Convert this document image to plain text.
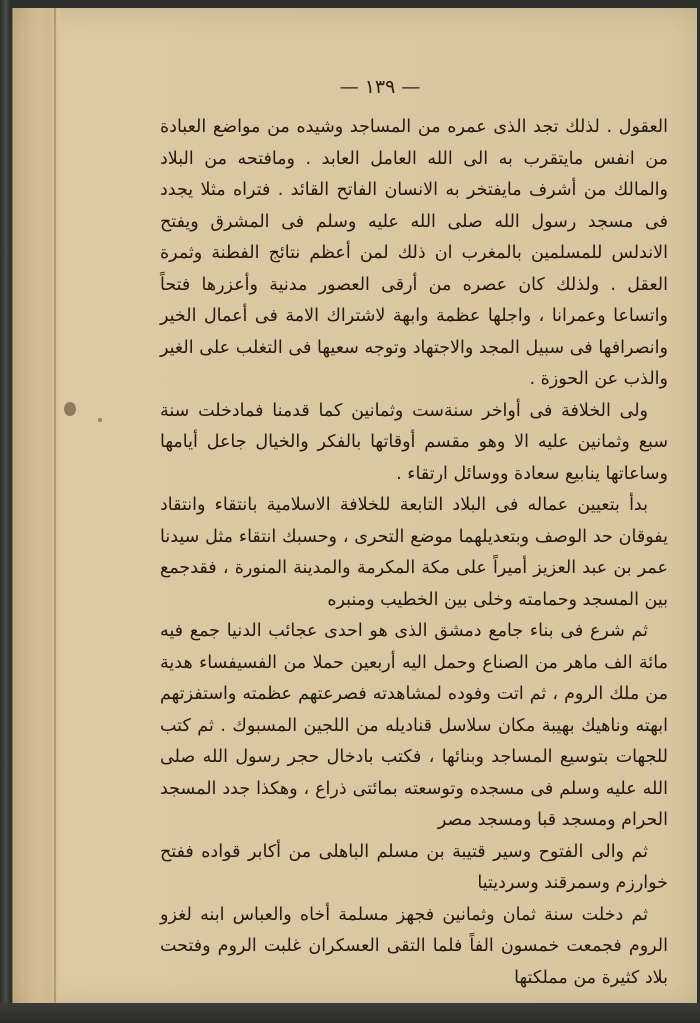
— ١٣٩ —

العقول . لذلك تجد الذى عمره من المساجد وشيده من مواضع العبادة من انفس مايتقرب به الى الله العامل العابد . ومافتحه من البلاد والمالك من أشرف مايفتخر به الانسان الفاتح القائد . فتراه مثلا يجدد فى مسجد رسول الله صلى الله عليه وسلم فى المشرق ويفتح الاندلس للمسلمين بالمغرب ان ذلك لمن أعظم نتائج الفطنة وثمرة العقل . ولذلك كان عصره من أرقى العصور مدنية وأعزرها فتحاً واتساعا وعمرانا ، واجلها عظمة وابهة لاشتراك الامة فى أعمال الخير وانصرافها فى سبيل المجد والاجتهاد وتوجه سعيها فى التغلب على الغير والذب عن الحوزة .

ولى الخلافة فى أواخر سنةست وثمانين كما قدمنا فمادخلت سنة سبع وثمانين عليه الا وهو مقسم أوقاتها بالفكر والخيال جاعل أيامها وساعاتها ينابيع سعادة ووسائل ارتقاء .

بدأ بتعيين عماله فى البلاد التابعة للخلافة الاسلامية بانتقاء وانتقاد يفوقان حد الوصف وبتعديلهما موضع التحرى ، وحسبك انتقاء مثل سيدنا عمر بن عبد العزيز أميراً على مكة المكرمة والمدينة المنورة ، فقدجمع بين المسجد وحمامته وخلى بين الخطيب ومنبره

ثم شرع فى بناء جامع دمشق الذى هو احدى عجائب الدنيا جمع فيه مائة الف ماهر من الصناع وحمل اليه أربعين حملا من الفسيفساء هدية من ملك الروم ، ثم اتت وفوده لمشاهدته فصرعتهم عظمته واستفزتهم ابهته وناهيك بهيبة مكان سلاسل قناديله من اللجين المسبوك . ثم كتب للجهات بتوسيع المساجد وبنائها ، فكتب بادخال حجر رسول الله صلى الله عليه وسلم فى مسجده وتوسعته بمائتى ذراع ، وهكذا جدد المسجد الحرام ومسجد قبا ومسجد مصر

ثم والى الفتوح وسير قتيبة بن مسلم الباهلى من أكابر قواده ففتح خوارزم وسمرقند وسرديتيا

ثم دخلت سنة ثمان وثمانين فجهز مسلمة أخاه والعباس ابنه لغزو الروم فجمعت خمسون الفاً فلما التقى العسكران غلبت الروم وفتحت بلاد كثيرة من مملكتها
